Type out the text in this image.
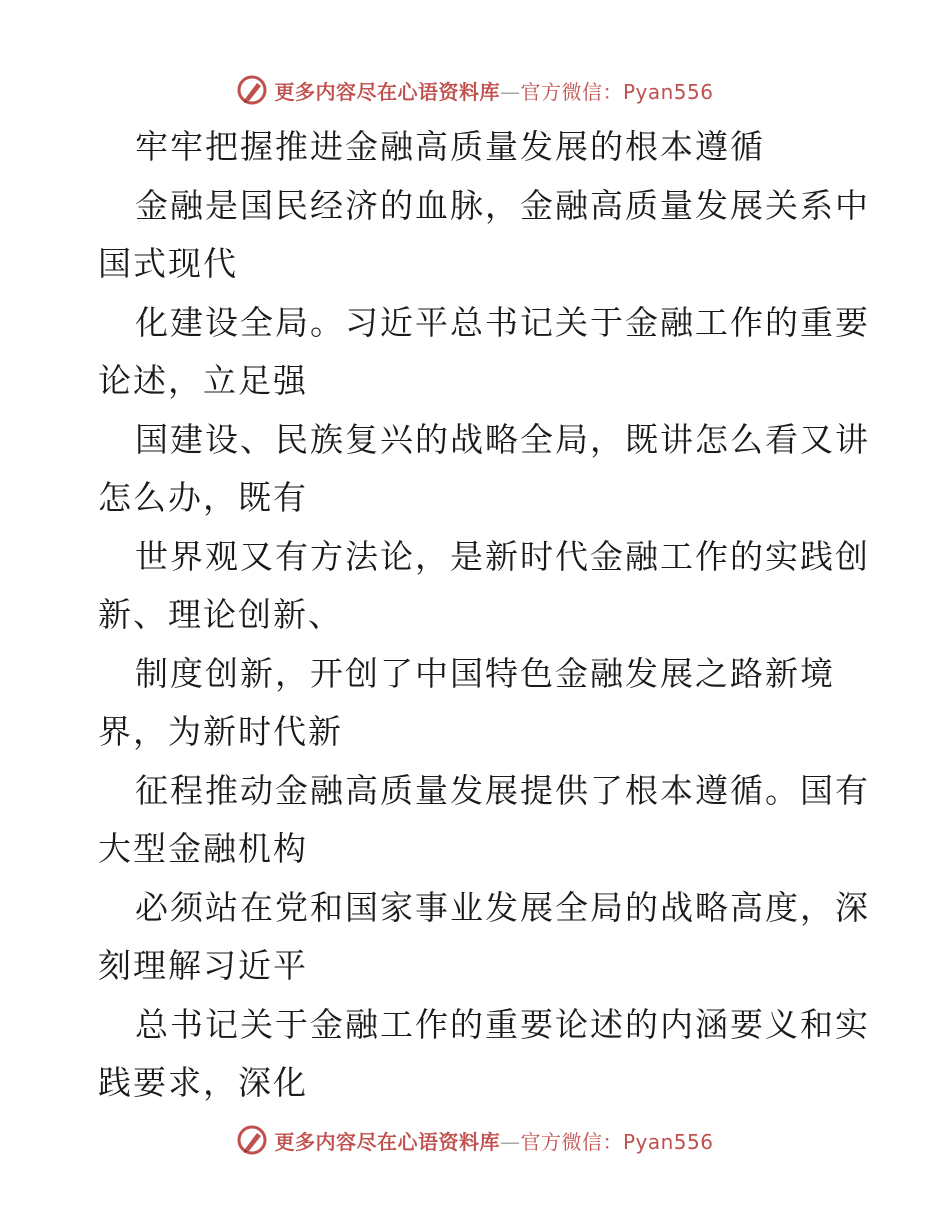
更多内容尽在心语资料库—官方微信：Pyan556
牢牢把握推进金融高质量发展的根本遵循
金融是国民经济的血脉，金融高质量发展关系中
国式现代
化建设全局。习近平总书记关于金融工作的重要
论述，立足强
国建设、民族复兴的战略全局，既讲怎么看又讲
怎么办，既有
世界观又有方法论，是新时代金融工作的实践创
新、理论创新、
制度创新，开创了中国特色金融发展之路新境
界，为新时代新
征程推动金融高质量发展提供了根本遵循。国有
大型金融机构
必须站在党和国家事业发展全局的战略高度，深
刻理解习近平
总书记关于金融工作的重要论述的内涵要义和实
践要求，深化
更多内容尽在心语资料库—官方微信：Pyan556
